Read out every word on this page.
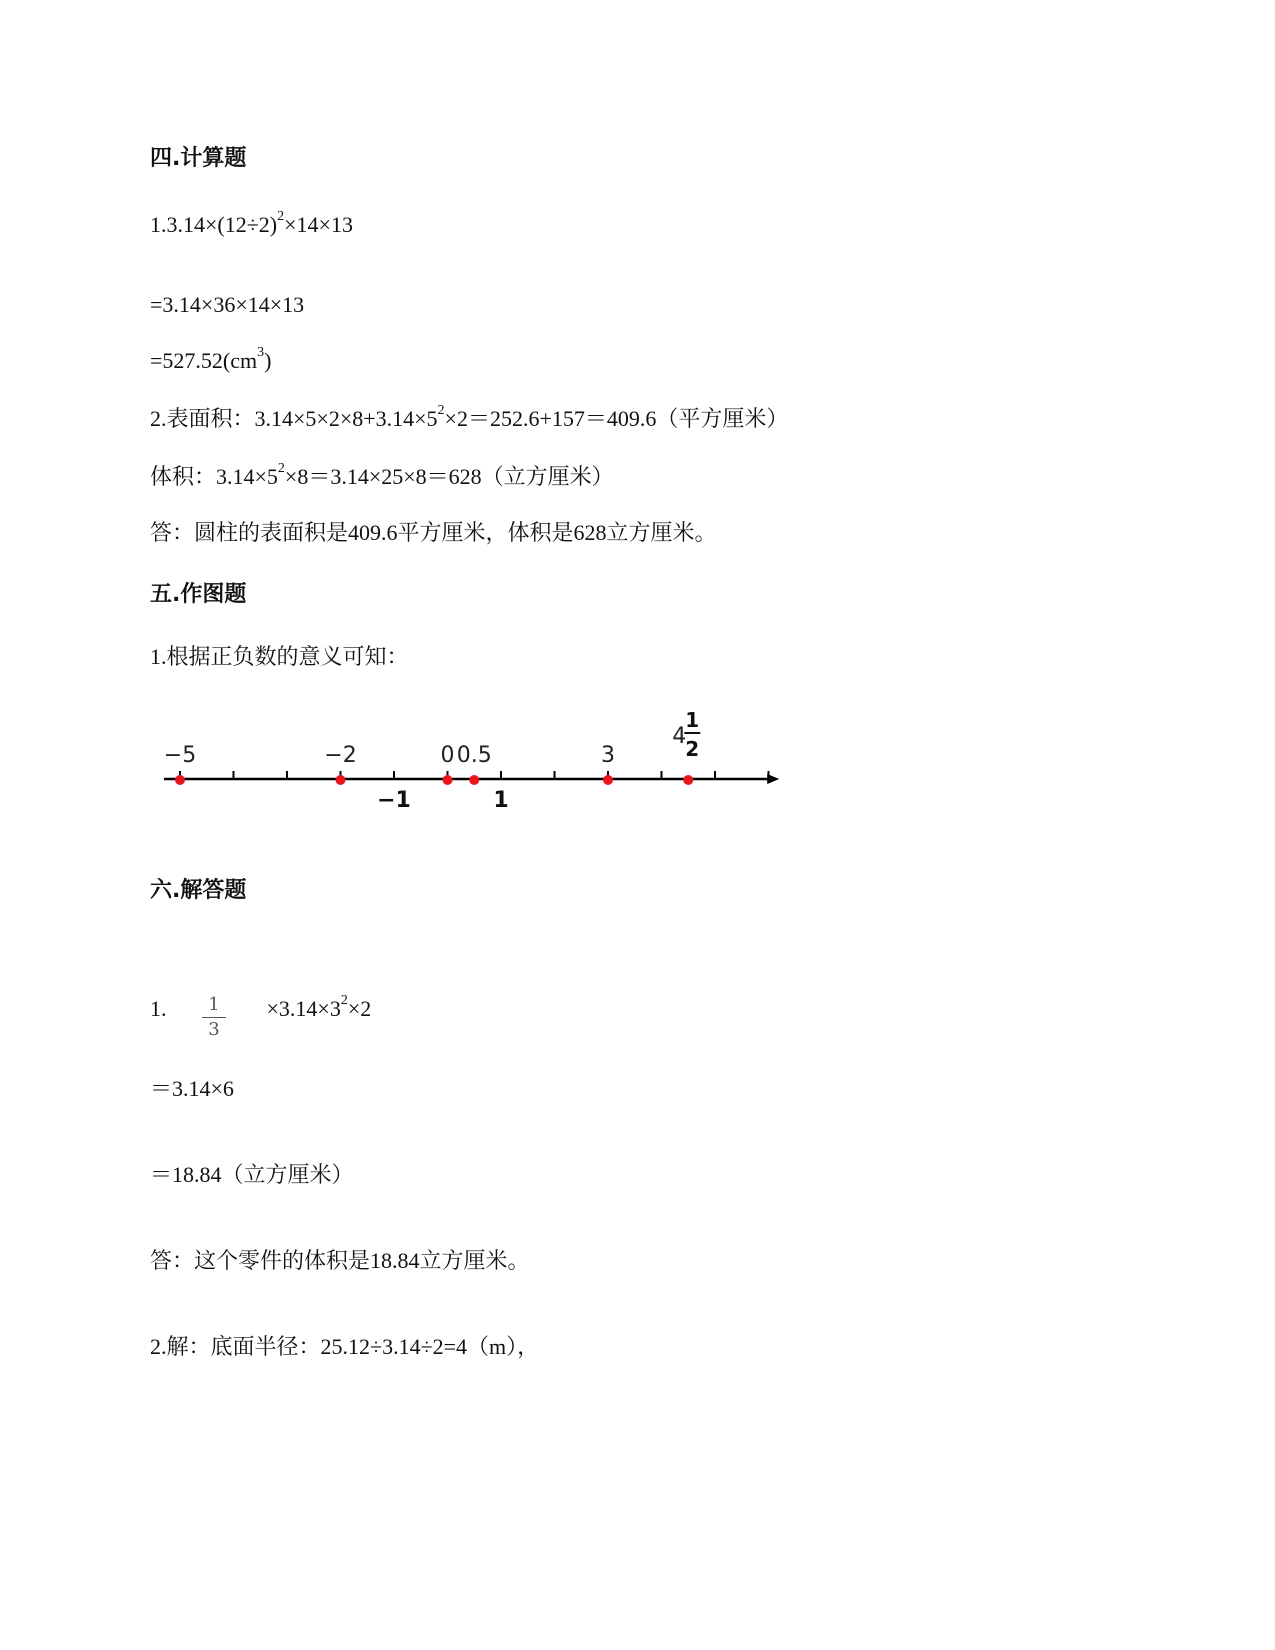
四.计算题
$1.3.14\times(12\div 2)^2\times 14\times 13$
=3.14×36×14×13
$=527.52(cm^3)$
2.表面积：$3.14\times 5\times 2\times 8+3.14\times 5^2\times 2=252.6+157=409.6$（平方厘米）
体积：$3.14\times 5^2\times 8=3.14\times 25\times 8=628$（立方厘米）
答：圆柱的表面积是409.6平方厘米，体积是628立方厘米。
五.作图题
1.根据正负数的意义可知：
−5	−2	0 0.5	3
4
1
2
−1	1
六.解答题
1.	$\times 3.14\times 3^2\times 2$
1
3
＝3.14×6
＝18.84（立方厘米）
答：这个零件的体积是18.84立方厘米。
2.解：底面半径：25.12÷3.14÷2=4（m），
